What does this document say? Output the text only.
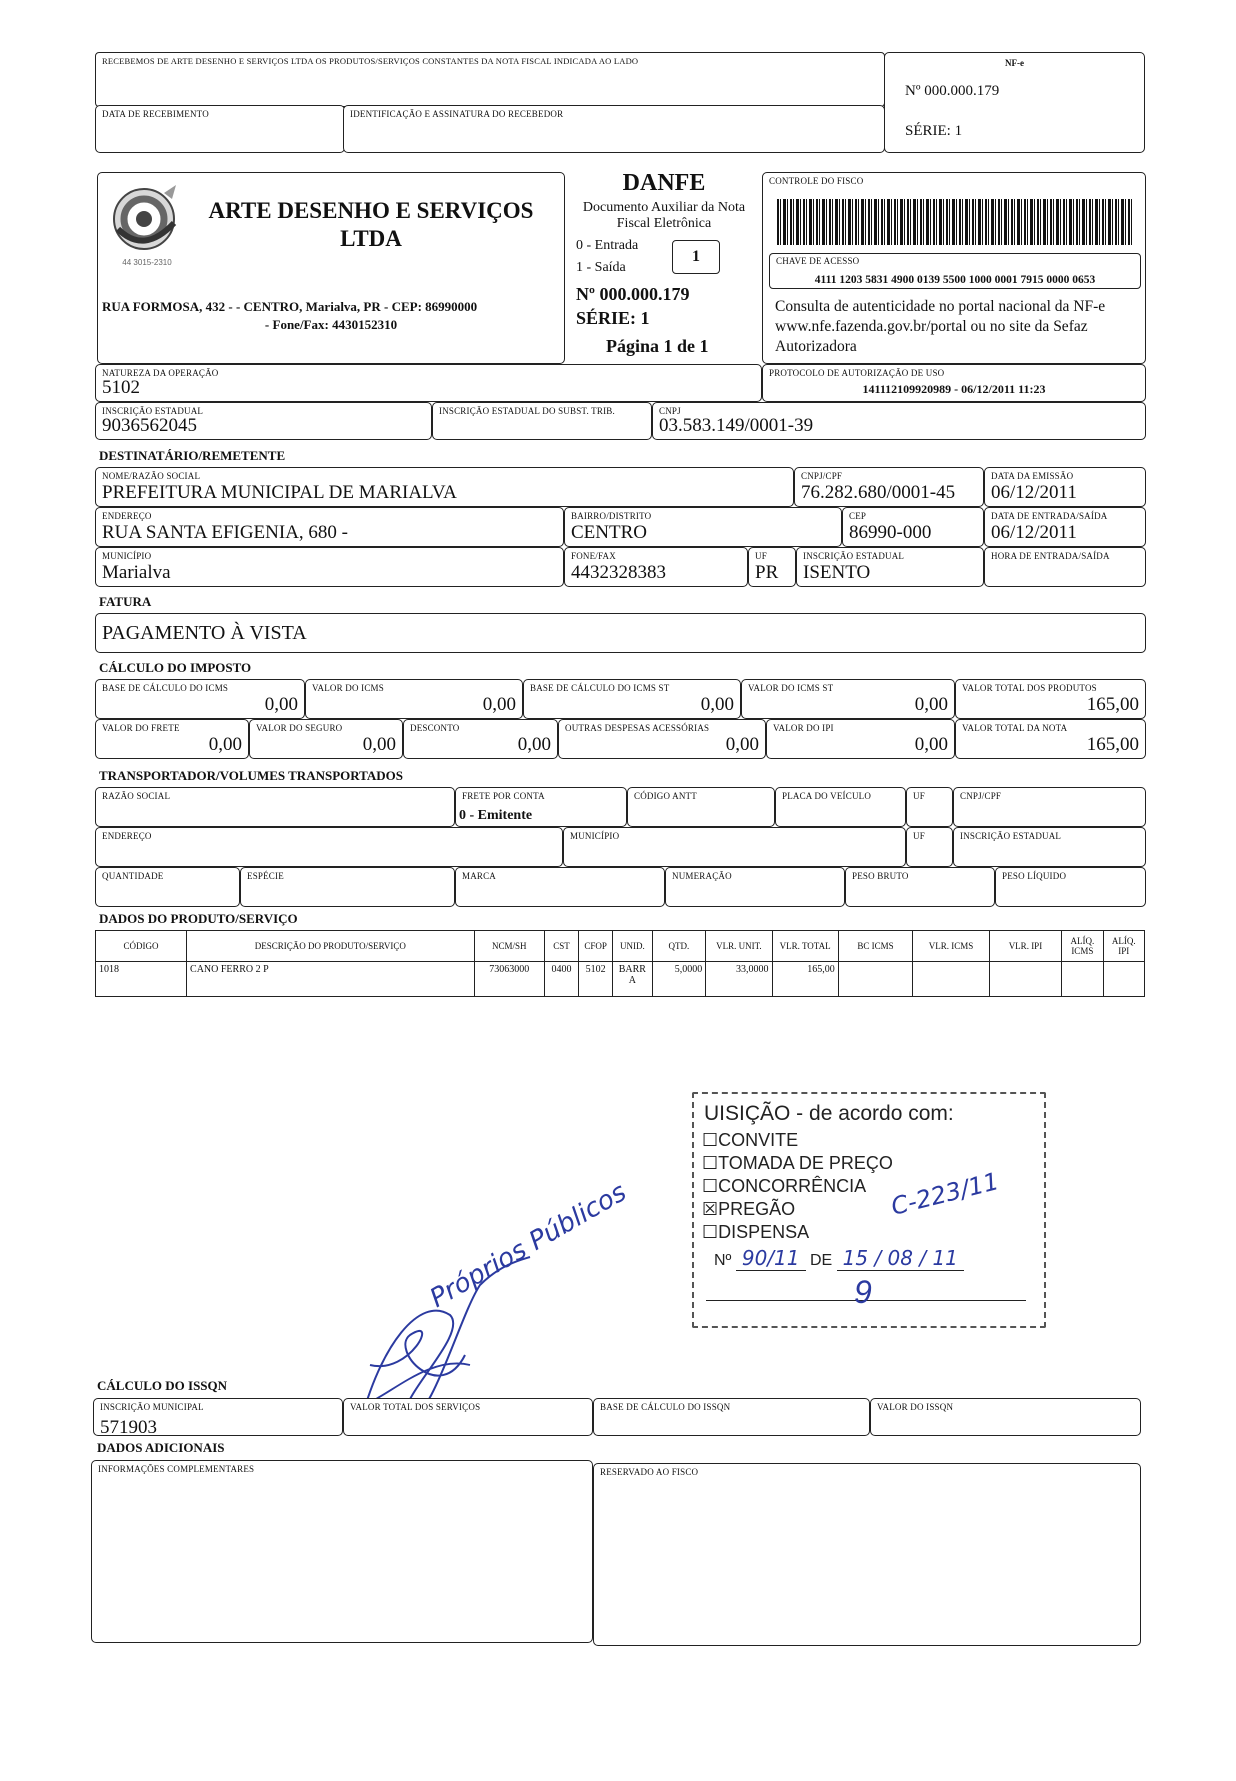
RECEBEMOS DE ARTE DESENHO E SERVIÇOS LTDA OS PRODUTOS/SERVIÇOS CONSTANTES DA NOTA FISCAL INDICADA AO LADO
DATA DE RECEBIMENTO	IDENTIFICAÇÃO E ASSINATURA DO RECEBEDOR
NF-e
Nº 000.000.179
SÉRIE: 1
44 3015-2310
ARTE DESENHO E SERVIÇOS LTDA
RUA FORMOSA, 432 - - CENTRO, Marialva, PR - CEP: 86990000
- Fone/Fax: 4430152310
DANFE
Documento Auxiliar da Nota Fiscal Eletrônica
0 - Entrada
1 - Saída
1
Nº 000.000.179
SÉRIE: 1
Página 1 de 1
CONTROLE DO FISCO
CHAVE DE ACESSO
4111 1203 5831 4900 0139 5500 1000 0001 7915 0000 0653
Consulta de autenticidade no portal nacional da NF-e www.nfe.fazenda.gov.br/portal ou no site da Sefaz Autorizadora
NATUREZA DA OPERAÇÃO
5102
PROTOCOLO DE AUTORIZAÇÃO DE USO
141112109920989 - 06/12/2011 11:23
INSCRIÇÃO ESTADUAL
9036562045
INSCRIÇÃO ESTADUAL DO SUBST. TRIB.	CNPJ
03.583.149/0001-39
DESTINATÁRIO/REMETENTE
NOME/RAZÃO SOCIAL
PREFEITURA MUNICIPAL DE MARIALVA
CNPJ/CPF
76.282.680/0001-45
DATA DA EMISSÃO
06/12/2011
ENDEREÇO
RUA SANTA EFIGENIA, 680 -
BAIRRO/DISTRITO
CENTRO
CEP
86990-000
DATA DE ENTRADA/SAÍDA
06/12/2011
MUNICÍPIO
Marialva
FONE/FAX
4432328383
UF
PR
INSCRIÇÃO ESTADUAL
ISENTO
HORA DE ENTRADA/SAÍDA
FATURA
PAGAMENTO À VISTA
CÁLCULO DO IMPOSTO
BASE DE CÁLCULO DO ICMS
0,00
VALOR DO ICMS
0,00
BASE DE CÁLCULO DO ICMS ST
0,00
VALOR DO ICMS ST
0,00
VALOR TOTAL DOS PRODUTOS
165,00
VALOR DO FRETE
0,00
VALOR DO SEGURO
0,00
DESCONTO
0,00
OUTRAS DESPESAS ACESSÓRIAS
0,00
VALOR DO IPI
0,00
VALOR TOTAL DA NOTA
165,00
TRANSPORTADOR/VOLUMES TRANSPORTADOS
RAZÃO SOCIAL	FRETE POR CONTA
0 - Emitente
CÓDIGO ANTT	PLACA DO VEÍCULO	UF	CNPJ/CPF
ENDEREÇO	MUNICÍPIO	UF	INSCRIÇÃO ESTADUAL
QUANTIDADE	ESPÉCIE	MARCA	NUMERAÇÃO	PESO BRUTO	PESO LÍQUIDO
DADOS DO PRODUTO/SERVIÇO
CÓDIGO	DESCRIÇÃO DO PRODUTO/SERVIÇO	NCM/SH	CST	CFOP	UNID.	QTD.	VLR. UNIT.	VLR. TOTAL	BC ICMS	VLR. ICMS	VLR. IPI	ALÍQ. ICMS	ALÍQ. IPI
1018	CANO FERRO 2 P	73063000	0400	5102	BARR A	5,0000	33,0000	165,00					
UISIÇÃO - de acordo com:
☐CONVITE
☐TOMADA DE PREÇO
☐CONCORRÊNCIA
☒PREGÃO
☐DISPENSA
Nº 90/11 DE 15 / 08 / 11
C-223/11
9
Próprios Públicos
CÁLCULO DO ISSQN
INSCRIÇÃO MUNICIPAL
571903
VALOR TOTAL DOS SERVIÇOS	BASE DE CÁLCULO DO ISSQN	VALOR DO ISSQN
DADOS ADICIONAIS
INFORMAÇÕES COMPLEMENTARES	RESERVADO AO FISCO
